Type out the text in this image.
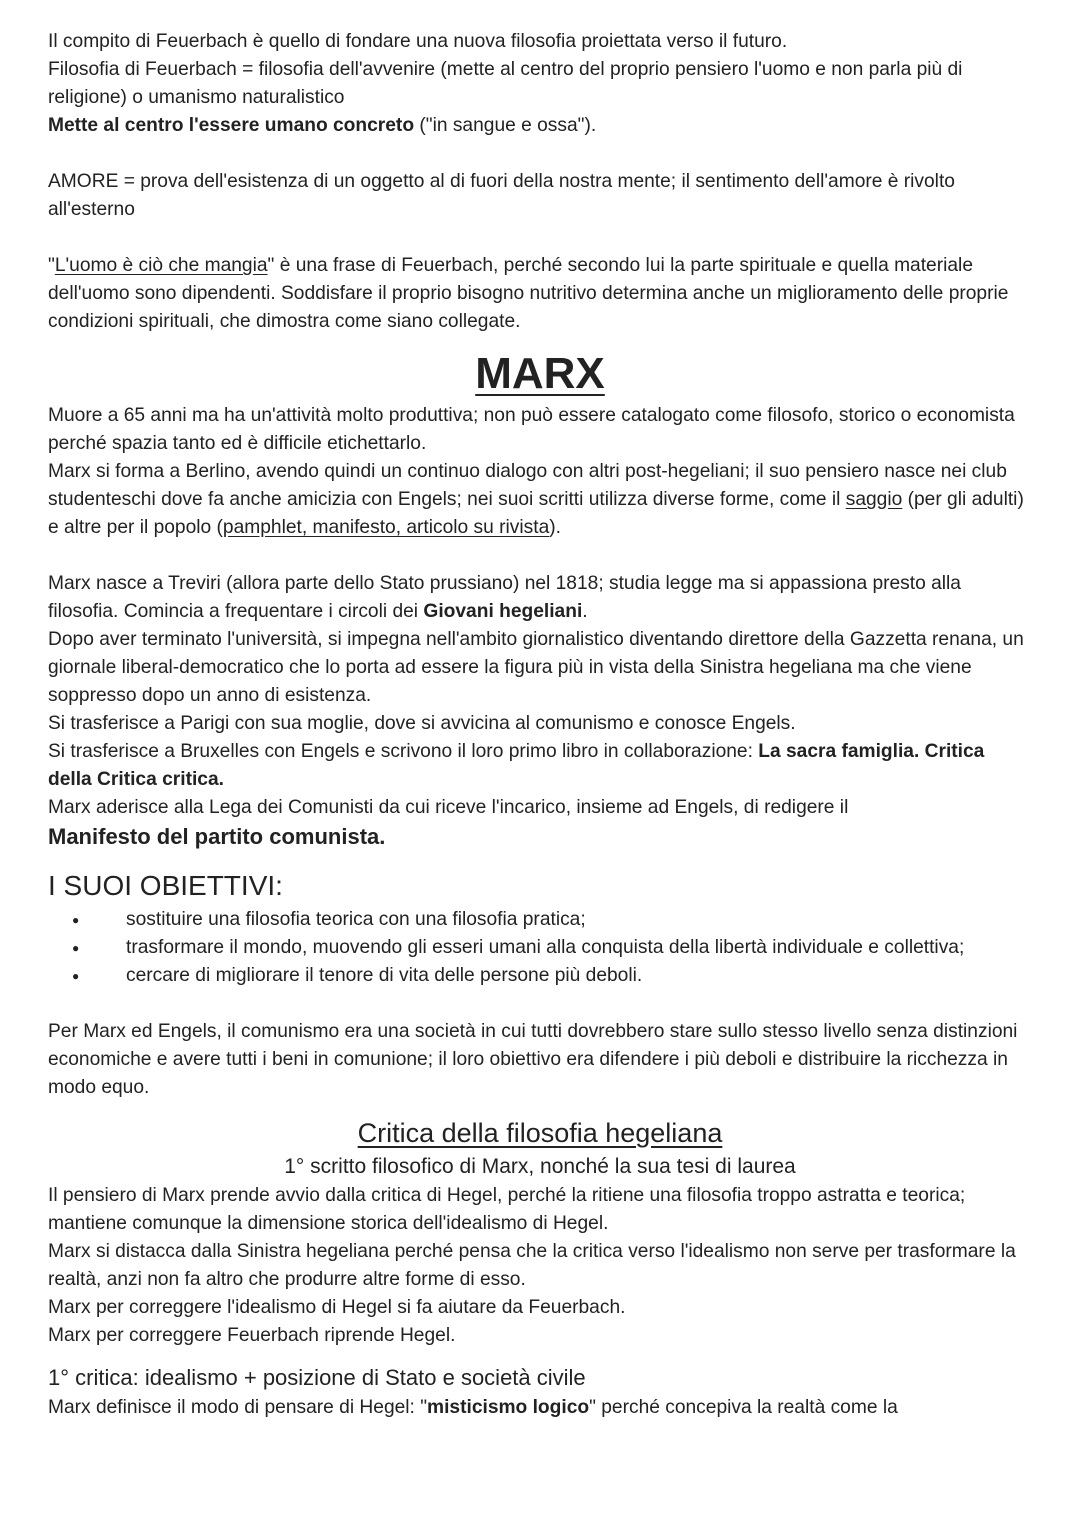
Il compito di Feuerbach è quello di fondare una nuova filosofia proiettata verso il futuro.

Filosofia di Feuerbach = filosofia dell'avvenire (mette al centro del proprio pensiero l'uomo e non parla più di religione) o umanismo naturalistico

Mette al centro l'essere umano concreto ("in sangue e ossa").

AMORE = prova dell'esistenza di un oggetto al di fuori della nostra mente; il sentimento dell'amore è rivolto all'esterno

"L'uomo è ciò che mangia" è una frase di Feuerbach, perché secondo lui la parte spirituale e quella materiale dell'uomo sono dipendenti. Soddisfare il proprio bisogno nutritivo determina anche un miglioramento delle proprie condizioni spirituali, che dimostra come siano collegate.

MARX

Muore a 65 anni ma ha un'attività molto produttiva; non può essere catalogato come filosofo, storico o economista perché spazia tanto ed è difficile etichettarlo.

Marx si forma a Berlino, avendo quindi un continuo dialogo con altri post-hegeliani; il suo pensiero nasce nei club studenteschi dove fa anche amicizia con Engels; nei suoi scritti utilizza diverse forme, come il saggio (per gli adulti) e altre per il popolo (pamphlet, manifesto, articolo su rivista).

Marx nasce a Treviri (allora parte dello Stato prussiano) nel 1818; studia legge ma si appassiona presto alla filosofia. Comincia a frequentare i circoli dei Giovani hegeliani.

Dopo aver terminato l'università, si impegna nell'ambito giornalistico diventando direttore della Gazzetta renana, un giornale liberal-democratico che lo porta ad essere la figura più in vista della Sinistra hegeliana ma che viene soppresso dopo un anno di esistenza.

Si trasferisce a Parigi con sua moglie, dove si avvicina al comunismo e conosce Engels.

Si trasferisce a Bruxelles con Engels e scrivono il loro primo libro in collaborazione: La sacra famiglia. Critica della Critica critica.

Marx aderisce alla Lega dei Comunisti da cui riceve l'incarico, insieme ad Engels, di redigere il

Manifesto del partito comunista.

I SUOI OBIETTIVI:
● sostituire una filosofia teorica con una filosofia pratica;
● trasformare il mondo, muovendo gli esseri umani alla conquista della libertà individuale e collettiva;
● cercare di migliorare il tenore di vita delle persone più deboli.

Per Marx ed Engels, il comunismo era una società in cui tutti dovrebbero stare sullo stesso livello senza distinzioni economiche e avere tutti i beni in comunione; il loro obiettivo era difendere i più deboli e distribuire la ricchezza in modo equo.

Critica della filosofia hegeliana
1° scritto filosofico di Marx, nonché la sua tesi di laurea

Il pensiero di Marx prende avvio dalla critica di Hegel, perché la ritiene una filosofia troppo astratta e teorica; mantiene comunque la dimensione storica dell'idealismo di Hegel.

Marx si distacca dalla Sinistra hegeliana perché pensa che la critica verso l'idealismo non serve per trasformare la realtà, anzi non fa altro che produrre altre forme di esso.

Marx per correggere l'idealismo di Hegel si fa aiutare da Feuerbach.

Marx per correggere Feuerbach riprende Hegel.

1° critica: idealismo + posizione di Stato e società civile

Marx definisce il modo di pensare di Hegel: "misticismo logico" perché concepiva la realtà come la
